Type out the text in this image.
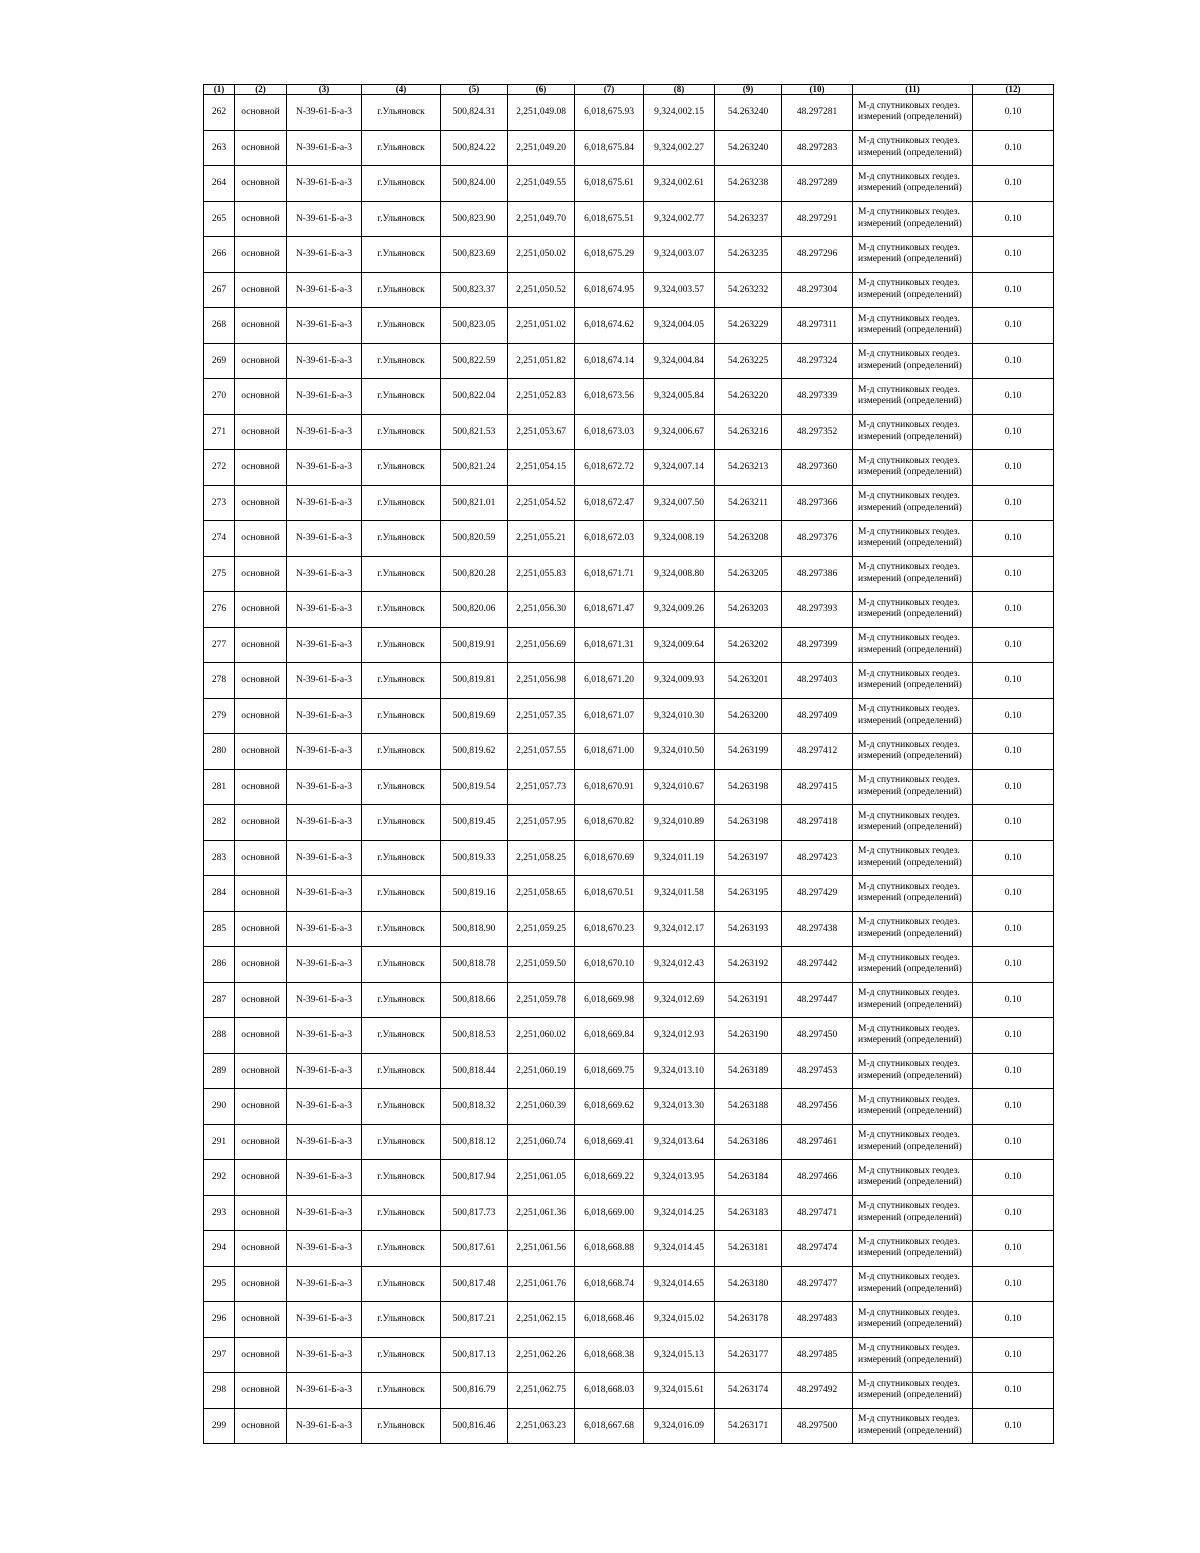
(1)	(2)	(3)	(4)	(5)	(6)	(7)	(8)	(9)	(10)	(11)	(12)
262	основной	N-39-61-Б-а-3	г.Ульяновск	500,824.31	2,251,049.08	6,018,675.93	9,324,002.15	54.263240	48.297281	М-д спутниковых геодез. измерений (определений)	0.10
263	основной	N-39-61-Б-а-3	г.Ульяновск	500,824.22	2,251,049.20	6,018,675.84	9,324,002.27	54.263240	48.297283	М-д спутниковых геодез. измерений (определений)	0.10
264	основной	N-39-61-Б-а-3	г.Ульяновск	500,824.00	2,251,049.55	6,018,675.61	9,324,002.61	54.263238	48.297289	М-д спутниковых геодез. измерений (определений)	0.10
265	основной	N-39-61-Б-а-3	г.Ульяновск	500,823.90	2,251,049.70	6,018,675.51	9,324,002.77	54.263237	48.297291	М-д спутниковых геодез. измерений (определений)	0.10
266	основной	N-39-61-Б-а-3	г.Ульяновск	500,823.69	2,251,050.02	6,018,675.29	9,324,003.07	54.263235	48.297296	М-д спутниковых геодез. измерений (определений)	0.10
267	основной	N-39-61-Б-а-3	г.Ульяновск	500,823.37	2,251,050.52	6,018,674.95	9,324,003.57	54.263232	48.297304	М-д спутниковых геодез. измерений (определений)	0.10
268	основной	N-39-61-Б-а-3	г.Ульяновск	500,823.05	2,251,051.02	6,018,674.62	9,324,004.05	54.263229	48.297311	М-д спутниковых геодез. измерений (определений)	0.10
269	основной	N-39-61-Б-а-3	г.Ульяновск	500,822.59	2,251,051.82	6,018,674.14	9,324,004.84	54.263225	48.297324	М-д спутниковых геодез. измерений (определений)	0.10
270	основной	N-39-61-Б-а-3	г.Ульяновск	500,822.04	2,251,052.83	6,018,673.56	9,324,005.84	54.263220	48.297339	М-д спутниковых геодез. измерений (определений)	0.10
271	основной	N-39-61-Б-а-3	г.Ульяновск	500,821.53	2,251,053.67	6,018,673.03	9,324,006.67	54.263216	48.297352	М-д спутниковых геодез. измерений (определений)	0.10
272	основной	N-39-61-Б-а-3	г.Ульяновск	500,821.24	2,251,054.15	6,018,672.72	9,324,007.14	54.263213	48.297360	М-д спутниковых геодез. измерений (определений)	0.10
273	основной	N-39-61-Б-а-3	г.Ульяновск	500,821.01	2,251,054.52	6,018,672.47	9,324,007.50	54.263211	48.297366	М-д спутниковых геодез. измерений (определений)	0.10
274	основной	N-39-61-Б-а-3	г.Ульяновск	500,820.59	2,251,055.21	6,018,672.03	9,324,008.19	54.263208	48.297376	М-д спутниковых геодез. измерений (определений)	0.10
275	основной	N-39-61-Б-а-3	г.Ульяновск	500,820.28	2,251,055.83	6,018,671.71	9,324,008.80	54.263205	48.297386	М-д спутниковых геодез. измерений (определений)	0.10
276	основной	N-39-61-Б-а-3	г.Ульяновск	500,820.06	2,251,056.30	6,018,671.47	9,324,009.26	54.263203	48.297393	М-д спутниковых геодез. измерений (определений)	0.10
277	основной	N-39-61-Б-а-3	г.Ульяновск	500,819.91	2,251,056.69	6,018,671.31	9,324,009.64	54.263202	48.297399	М-д спутниковых геодез. измерений (определений)	0.10
278	основной	N-39-61-Б-а-3	г.Ульяновск	500,819.81	2,251,056.98	6,018,671.20	9,324,009.93	54.263201	48.297403	М-д спутниковых геодез. измерений (определений)	0.10
279	основной	N-39-61-Б-а-3	г.Ульяновск	500,819.69	2,251,057.35	6,018,671.07	9,324,010.30	54.263200	48.297409	М-д спутниковых геодез. измерений (определений)	0.10
280	основной	N-39-61-Б-а-3	г.Ульяновск	500,819.62	2,251,057.55	6,018,671.00	9,324,010.50	54.263199	48.297412	М-д спутниковых геодез. измерений (определений)	0.10
281	основной	N-39-61-Б-а-3	г.Ульяновск	500,819.54	2,251,057.73	6,018,670.91	9,324,010.67	54.263198	48.297415	М-д спутниковых геодез. измерений (определений)	0.10
282	основной	N-39-61-Б-а-3	г.Ульяновск	500,819.45	2,251,057.95	6,018,670.82	9,324,010.89	54.263198	48.297418	М-д спутниковых геодез. измерений (определений)	0.10
283	основной	N-39-61-Б-а-3	г.Ульяновск	500,819.33	2,251,058.25	6,018,670.69	9,324,011.19	54.263197	48.297423	М-д спутниковых геодез. измерений (определений)	0.10
284	основной	N-39-61-Б-а-3	г.Ульяновск	500,819.16	2,251,058.65	6,018,670.51	9,324,011.58	54.263195	48.297429	М-д спутниковых геодез. измерений (определений)	0.10
285	основной	N-39-61-Б-а-3	г.Ульяновск	500,818.90	2,251,059.25	6,018,670.23	9,324,012.17	54.263193	48.297438	М-д спутниковых геодез. измерений (определений)	0.10
286	основной	N-39-61-Б-а-3	г.Ульяновск	500,818.78	2,251,059.50	6,018,670.10	9,324,012.43	54.263192	48.297442	М-д спутниковых геодез. измерений (определений)	0.10
287	основной	N-39-61-Б-а-3	г.Ульяновск	500,818.66	2,251,059.78	6,018,669.98	9,324,012.69	54.263191	48.297447	М-д спутниковых геодез. измерений (определений)	0.10
288	основной	N-39-61-Б-а-3	г.Ульяновск	500,818.53	2,251,060.02	6,018,669.84	9,324,012.93	54.263190	48.297450	М-д спутниковых геодез. измерений (определений)	0.10
289	основной	N-39-61-Б-а-3	г.Ульяновск	500,818.44	2,251,060.19	6,018,669.75	9,324,013.10	54.263189	48.297453	М-д спутниковых геодез. измерений (определений)	0.10
290	основной	N-39-61-Б-а-3	г.Ульяновск	500,818.32	2,251,060.39	6,018,669.62	9,324,013.30	54.263188	48.297456	М-д спутниковых геодез. измерений (определений)	0.10
291	основной	N-39-61-Б-а-3	г.Ульяновск	500,818.12	2,251,060.74	6,018,669.41	9,324,013.64	54.263186	48.297461	М-д спутниковых геодез. измерений (определений)	0.10
292	основной	N-39-61-Б-а-3	г.Ульяновск	500,817.94	2,251,061.05	6,018,669.22	9,324,013.95	54.263184	48.297466	М-д спутниковых геодез. измерений (определений)	0.10
293	основной	N-39-61-Б-а-3	г.Ульяновск	500,817.73	2,251,061.36	6,018,669.00	9,324,014.25	54.263183	48.297471	М-д спутниковых геодез. измерений (определений)	0.10
294	основной	N-39-61-Б-а-3	г.Ульяновск	500,817.61	2,251,061.56	6,018,668.88	9,324,014.45	54.263181	48.297474	М-д спутниковых геодез. измерений (определений)	0.10
295	основной	N-39-61-Б-а-3	г.Ульяновск	500,817.48	2,251,061.76	6,018,668.74	9,324,014.65	54.263180	48.297477	М-д спутниковых геодез. измерений (определений)	0.10
296	основной	N-39-61-Б-а-3	г.Ульяновск	500,817.21	2,251,062.15	6,018,668.46	9,324,015.02	54.263178	48.297483	М-д спутниковых геодез. измерений (определений)	0.10
297	основной	N-39-61-Б-а-3	г.Ульяновск	500,817.13	2,251,062.26	6,018,668.38	9,324,015.13	54.263177	48.297485	М-д спутниковых геодез. измерений (определений)	0.10
298	основной	N-39-61-Б-а-3	г.Ульяновск	500,816.79	2,251,062.75	6,018,668.03	9,324,015.61	54.263174	48.297492	М-д спутниковых геодез. измерений (определений)	0.10
299	основной	N-39-61-Б-а-3	г.Ульяновск	500,816.46	2,251,063.23	6,018,667.68	9,324,016.09	54.263171	48.297500	М-д спутниковых геодез. измерений (определений)	0.10
